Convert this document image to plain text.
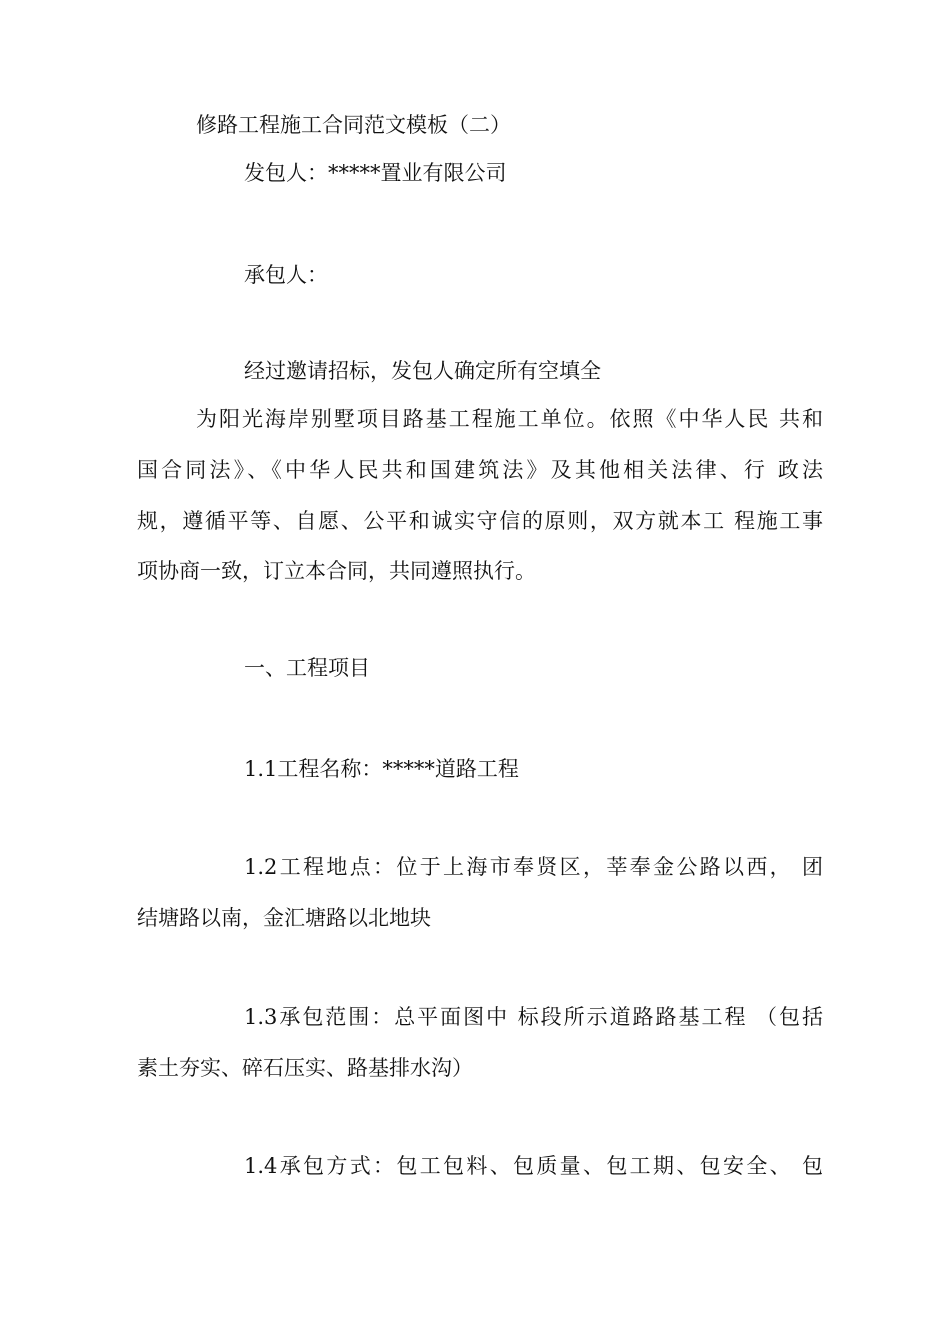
修路工程施工合同范文模板（二）
发包人：*****置业有限公司
承包人：
经过邀请招标，发包人确定所有空填全
为阳光海岸别墅项目路基工程施工单位。依照《中华人民 共和
国合同法》、《中华人民共和国建筑法》及其他相关法律、行 政法
规，遵循平等、自愿、公平和诚实守信的原则，双方就本工 程施工事
项协商一致，订立本合同，共同遵照执行。
一、工程项目
1.1工程名称：*****道路工程
1.2工程地点：位于上海市奉贤区，莘奉金公路以西， 团
结塘路以南，金汇塘路以北地块
1.3承包范围：总平面图中 标段所示道路路基工程 （包括
素土夯实、碎石压实、路基排水沟）
1.4承包方式：包工包料、包质量、包工期、包安全、 包
